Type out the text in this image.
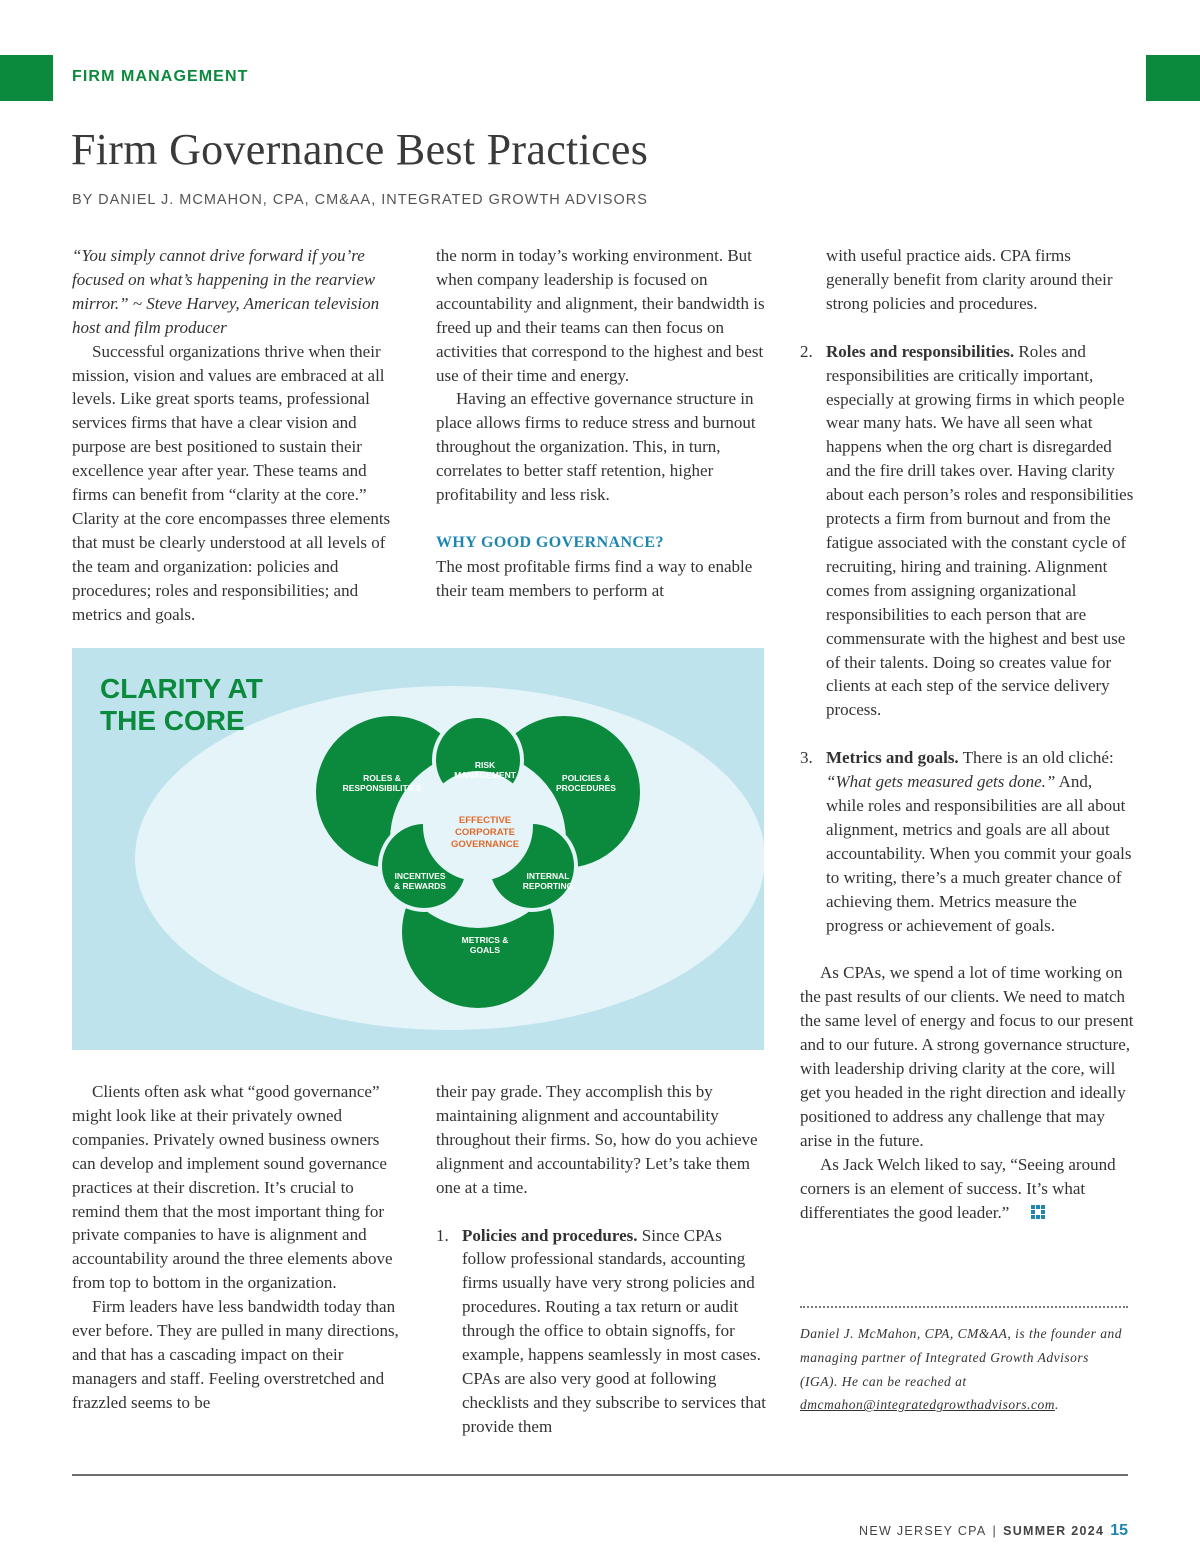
FIRM MANAGEMENT
Firm Governance Best Practices
BY DANIEL J. MCMAHON, CPA, CM&AA, INTEGRATED GROWTH ADVISORS

“You simply cannot drive forward if you’re focused on what’s happening in the rearview mirror.” ~ Steve Harvey, American television host and film producer

Successful organizations thrive when their mission, vision and values are embraced at all levels. Like great sports teams, professional services firms that have a clear vision and purpose are best positioned to sustain their excellence year after year. These teams and firms can benefit from “clarity at the core.” Clarity at the core encompasses three elements that must be clearly understood at all levels of the team and organization: policies and procedures; roles and responsibilities; and metrics and goals.

the norm in today’s working environment. But when company leadership is focused on accountability and alignment, their bandwidth is freed up and their teams can then focus on activities that correspond to the highest and best use of their time and energy.

Having an effective governance structure in place allows firms to reduce stress and burnout throughout the organization. This, in turn, correlates to better staff retention, higher profitability and less risk.

WHY GOOD GOVERNANCE?

The most profitable firms find a way to enable their team members to perform at

CLARITY AT
THE CORE
ROLES &
RESPONSIBILITIES
POLICIES &
PROCEDURES
METRICS &
GOALS
RISK
MANAGEMENT
INCENTIVES
& REWARDS
INTERNAL
REPORTING
EFFECTIVE
CORPORATE
GOVERNANCE

Clients often ask what “good governance” might look like at their privately owned companies. Privately owned business owners can develop and implement sound governance practices at their discretion. It’s crucial to remind them that the most important thing for private companies to have is alignment and accountability around the three elements above from top to bottom in the organization.

Firm leaders have less bandwidth today than ever before. They are pulled in many directions, and that has a cascading impact on their managers and staff. Feeling overstretched and frazzled seems to be

their pay grade. They accomplish this by maintaining alignment and accountability throughout their firms. So, how do you achieve alignment and accountability? Let’s take them one at a time.

1. Policies and procedures. Since CPAs follow professional standards, accounting firms usually have very strong policies and procedures. Routing a tax return or audit through the office to obtain signoffs, for example, happens seamlessly in most cases. CPAs are also very good at following checklists and they subscribe to services that provide them
with useful practice aids. CPA firms generally benefit from clarity around their strong policies and procedures.
2. Roles and responsibilities. Roles and responsibilities are critically important, especially at growing firms in which people wear many hats. We have all seen what happens when the org chart is disregarded and the fire drill takes over. Having clarity about each person’s roles and responsibilities protects a firm from burnout and from the fatigue associated with the constant cycle of recruiting, hiring and training. Alignment comes from assigning organizational responsibilities to each person that are commensurate with the highest and best use of their talents. Doing so creates value for clients at each step of the service delivery process.
3. Metrics and goals. There is an old cliché: “What gets measured gets done.” And, while roles and responsibilities are all about alignment, metrics and goals are all about accountability. When you commit your goals to writing, there’s a much greater chance of achieving them. Metrics measure the progress or achievement of goals.

As CPAs, we spend a lot of time working on the past results of our clients. We need to match the same level of energy and focus to our present and to our future. A strong governance structure, with leadership driving clarity at the core, will get you headed in the right direction and ideally positioned to address any challenge that may arise in the future.

As Jack Welch liked to say, “Seeing around corners is an element of success. It’s what differentiates the good leader.”

Daniel J. McMahon, CPA, CM&AA, is the founder and managing partner of Integrated Growth Advisors (IGA). He can be reached at dmcmahon@integratedgrowthadvisors.com.
NEW JERSEY CPA | SUMMER 2024 15
